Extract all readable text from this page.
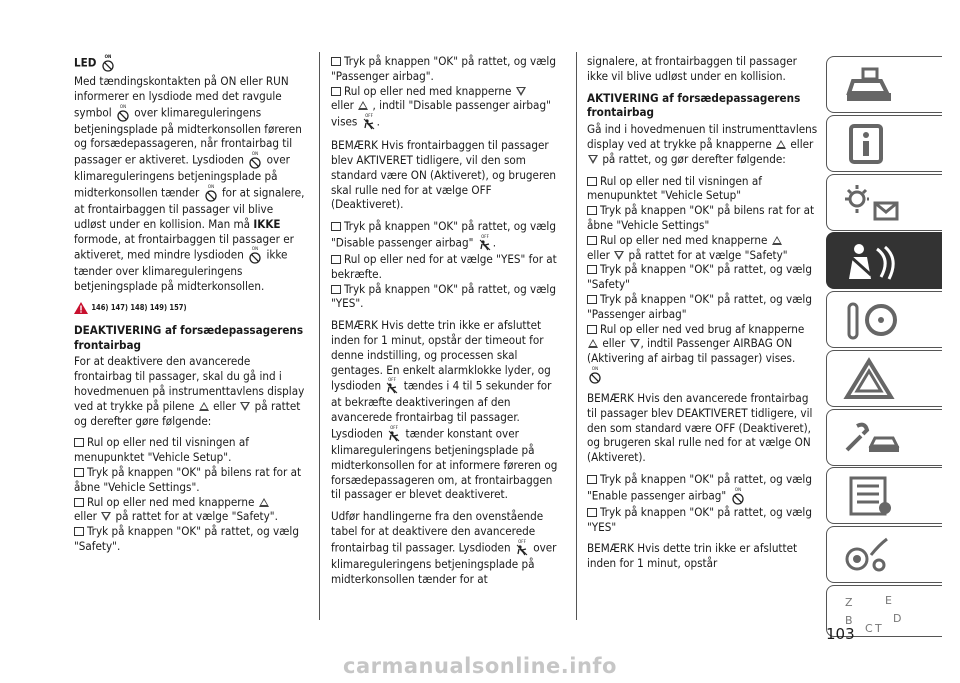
LED

Med tændingskontakten på ON eller RUN informerer en lysdiode med det ravgule symbol over klimareguleringens betjeningsplade på midterkonsollen føreren og forsædepassageren, når frontairbag til passager er aktiveret. Lysdioden over klimareguleringens betjeningsplade på midterkonsollen tænder for at signalere, at frontairbaggen til passager vil blive udløst under en kollision. Man må IKKE formode, at frontairbaggen til passager er aktiveret, med mindre lysdioden ikke tænder over klimareguleringens betjeningsplade på midterkonsollen.

146) 147) 148) 149) 157)

DEAKTIVERING af forsædepassagerens frontairbag

For at deaktivere den avancerede frontairbag til passager, skal du gå ind i hovedmenuen på instrumenttavlens display ved at trykke på pilene eller på rattet og derefter gøre følgende:

Rul op eller ned til visningen af menupunktet "Vehicle Setup".

Tryk på knappen "OK" på bilens rat for at åbne "Vehicle Settings".

Rul op eller ned med knapperne
eller på rattet for at vælge "Safety".

Tryk på knappen "OK" på rattet, og vælg "Safety".

Tryk på knappen "OK" på rattet, og vælg "Passenger airbag".

Rul op eller ned med knapperne
eller , indtil "Disable passenger airbag" vises .

BEMÆRK Hvis frontairbaggen til passager blev AKTIVERET tidligere, vil den som standard være ON (Aktiveret), og brugeren skal rulle ned for at vælge OFF (Deaktiveret).

Tryk på knappen "OK" på rattet, og vælg "Disable passenger airbag" .

Rul op eller ned for at vælge "YES" for at bekræfte.

Tryk på knappen "OK" på rattet, og vælg "YES".

BEMÆRK Hvis dette trin ikke er afsluttet inden for 1 minut, opstår der timeout for denne indstilling, og processen skal gentages. En enkelt alarmklokke lyder, og lysdioden tændes i 4 til 5 sekunder for at bekræfte deaktiveringen af den avancerede frontairbag til passager. Lysdioden tænder konstant over klimareguleringens betjeningsplade på midterkonsollen for at informere føreren og forsædepassageren om, at frontairbaggen til passager er blevet deaktiveret.

Udfør handlingerne fra den ovenstående tabel for at deaktivere den avancerede frontairbag til passager. Lysdioden over klimareguleringens betjeningsplade på midterkonsollen tænder for at

signalere, at frontairbaggen til passager ikke vil blive udløst under en kollision.

AKTIVERING af forsædepassagerens frontairbag

Gå ind i hovedmenuen til instrumenttavlens display ved at trykke på knapperne eller  på rattet, og gør derefter følgende:

Rul op eller ned til visningen af menupunktet "Vehicle Setup"

Tryk på knappen "OK" på bilens rat for at åbne "Vehicle Settings"

Rul op eller ned med knapperne
eller på rattet for at vælge "Safety"

Tryk på knappen "OK" på rattet, og vælg "Safety"

Tryk på knappen "OK" på rattet, og vælg "Passenger airbag"

Rul op eller ned ved brug af knapperne
eller , indtil Passenger AIRBAG ON (Aktivering af airbag til passager) vises.

BEMÆRK Hvis den avancerede frontairbag til passager blev DEAKTIVERET tidligere, vil den som standard være OFF (Deaktiveret), og brugeren skal rulle ned for at vælge ON (Aktiveret).

Tryk på knappen "OK" på rattet, og vælg "Enable passenger airbag"

Tryk på knappen "OK" på rattet, og vælg "YES"

BEMÆRK Hvis dette trin ikke er afsluttet inden for 1 minut, opstår

Z	E
B
C T
D
103
carmanualsonline.info
